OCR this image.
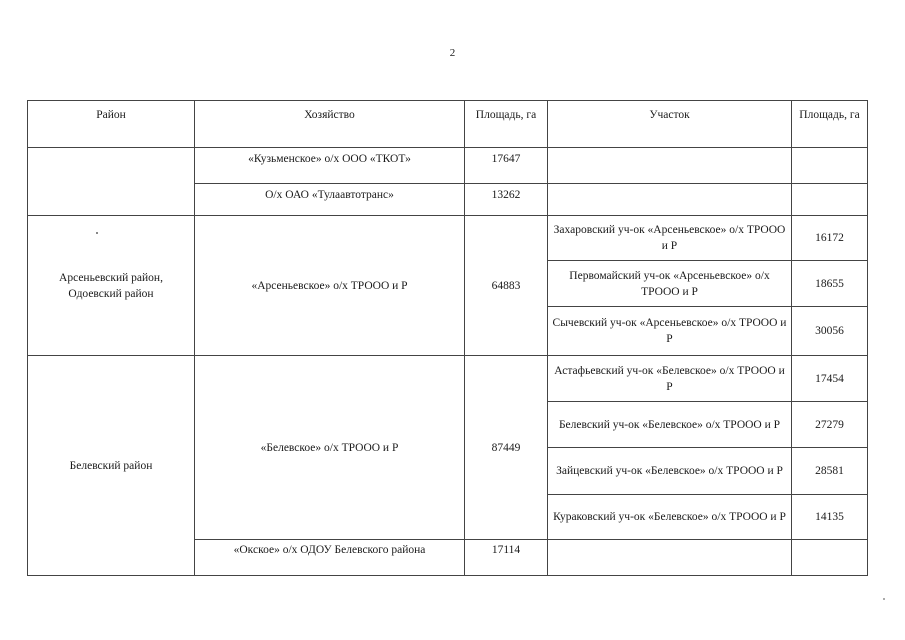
2
Район	Хозяйство	Площадь, га	Участок	Площадь, га
	«Кузьменское» о/х ООО «ТКОТ»	17647		
	О/х ОАО «Тулаавтотранс»	13262		
Арсеньевский район, Одоевский район	«Арсеньевское» о/х ТРООО и Р	64883	Захаровский уч-ок «Арсеньевское» о/х ТРООО и Р	16172
			Первомайский уч-ок «Арсеньевское» о/х ТРООО и Р	18655
			Сычевский уч-ок «Арсеньевское» о/х ТРООО и Р	30056
Белевский район	«Белевское» о/х ТРООО и Р	87449	Астафьевский уч-ок «Белевское» о/х ТРООО и Р	17454
			Белевский уч-ок «Белевское» о/х ТРООО и Р	27279
			Зайцевский уч-ок «Белевское» о/х ТРООО и Р	28581
			Кураковский уч-ок «Белевское» о/х ТРООО и Р	14135
	«Окское» о/х ОДОУ Белевского района	17114		
